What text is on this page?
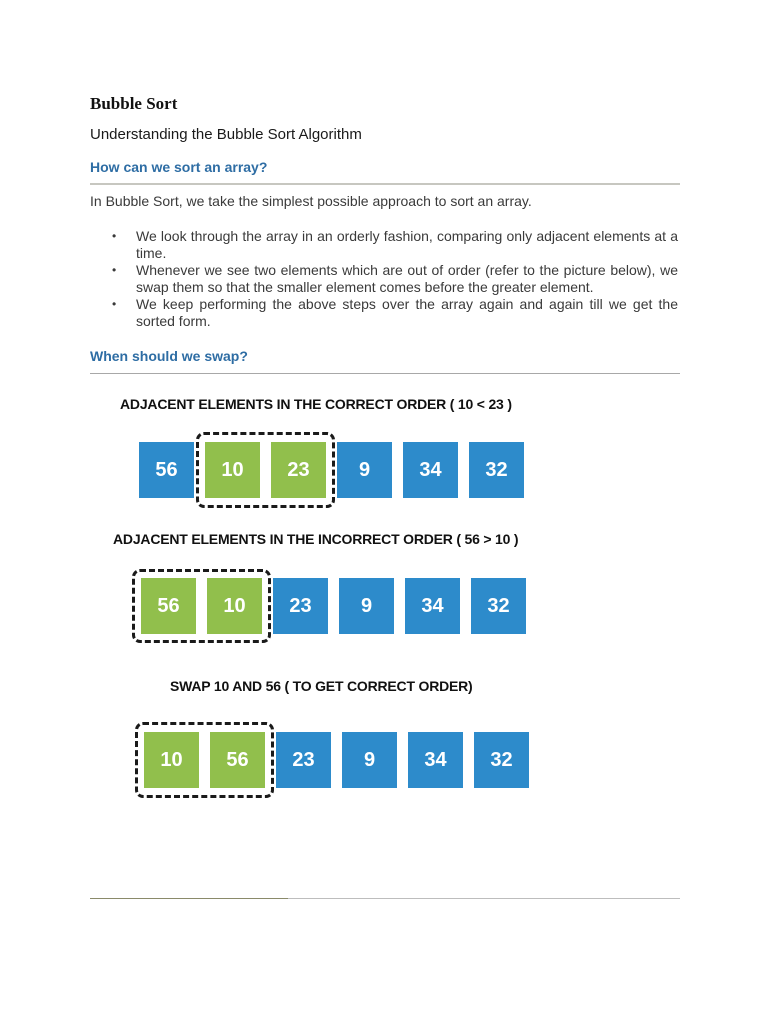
Bubble Sort
Understanding the Bubble Sort Algorithm
How can we sort an array?
In Bubble Sort, we take the simplest possible approach to sort an array.
• We look through the array in an orderly fashion, comparing only adjacent elements at a time.
• Whenever we see two elements which are out of order (refer to the picture below), we swap them so that the smaller element comes before the greater element.
• We keep performing the above steps over the array again and again till we get the sorted form.
When should we swap?
ADJACENT ELEMENTS IN THE CORRECT ORDER ( 10 < 23 )
56	10	23	9	34	32
ADJACENT ELEMENTS IN THE INCORRECT ORDER ( 56 > 10 )
56	10	23	9	34	32
SWAP 10 AND 56 ( TO GET CORRECT ORDER)
10	56	23	9	34	32
